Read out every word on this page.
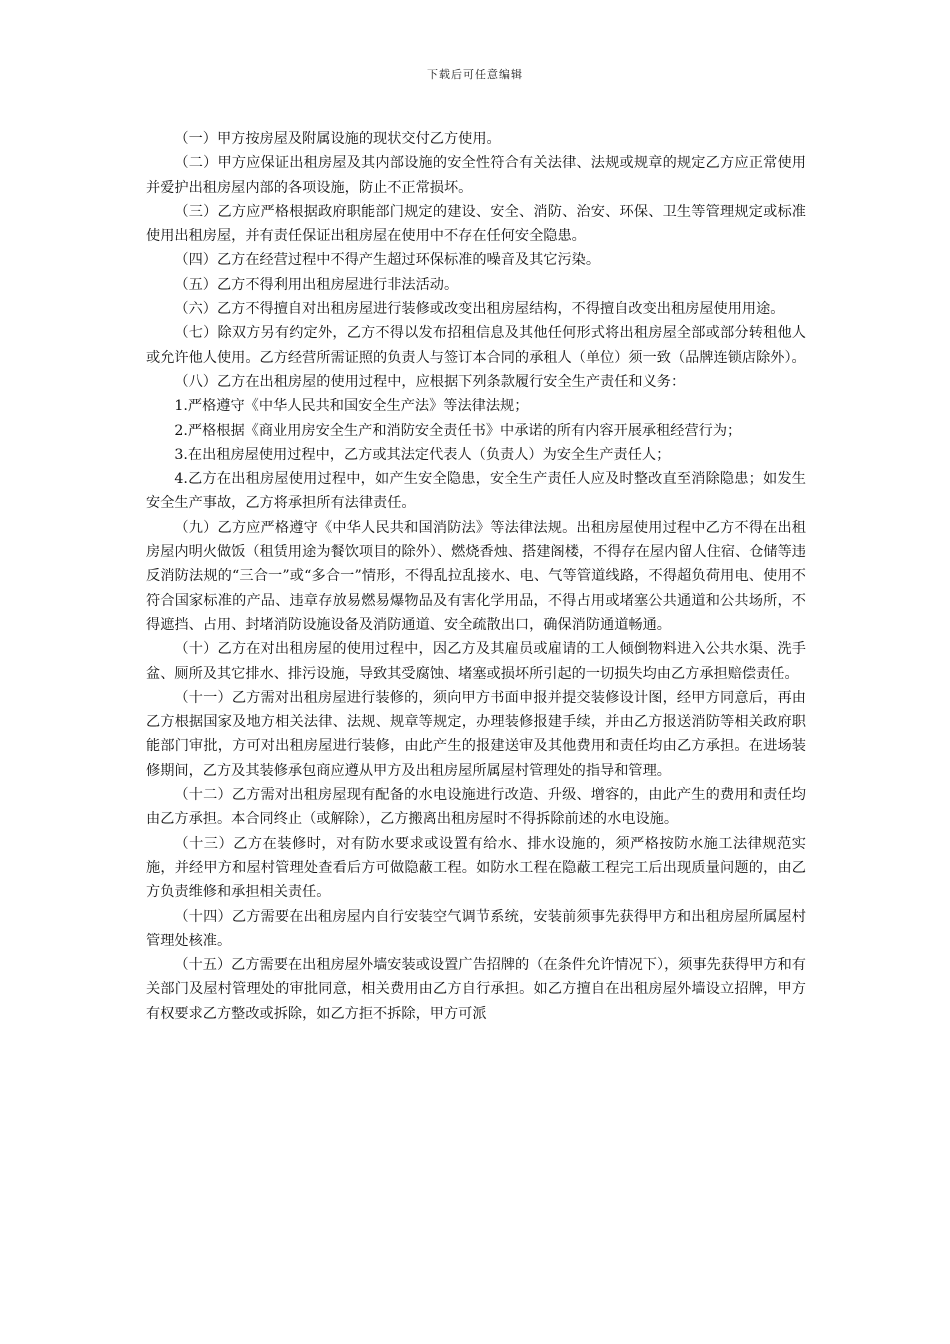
下载后可任意编辑

（一）甲方按房屋及附属设施的现状交付乙方使用。

（二）甲方应保证出租房屋及其内部设施的安全性符合有关法律、法规或规章的规定乙方应正常使用并爱护出租房屋内部的各项设施，防止不正常损坏。

（三）乙方应严格根据政府职能部门规定的建设、安全、消防、治安、环保、卫生等管理规定或标准使用出租房屋，并有责任保证出租房屋在使用中不存在任何安全隐患。

（四）乙方在经营过程中不得产生超过环保标准的噪音及其它污染。

（五）乙方不得利用出租房屋进行非法活动。

（六）乙方不得擅自对出租房屋进行装修或改变出租房屋结构，不得擅自改变出租房屋使用用途。

（七）除双方另有约定外，乙方不得以发布招租信息及其他任何形式将出租房屋全部或部分转租他人或允许他人使用。乙方经营所需证照的负责人与签订本合同的承租人（单位）须一致（品牌连锁店除外）。

（八）乙方在出租房屋的使用过程中，应根据下列条款履行安全生产责任和义务：

1.严格遵守《中华人民共和国安全生产法》等法律法规；

2.严格根据《商业用房安全生产和消防安全责任书》中承诺的所有内容开展承租经营行为；

3.在出租房屋使用过程中，乙方或其法定代表人（负责人）为安全生产责任人；

4.乙方在出租房屋使用过程中，如产生安全隐患，安全生产责任人应及时整改直至消除隐患；如发生安全生产事故，乙方将承担所有法律责任。

（九）乙方应严格遵守《中华人民共和国消防法》等法律法规。出租房屋使用过程中乙方不得在出租房屋内明火做饭（租赁用途为餐饮项目的除外）、燃烧香烛、搭建阁楼，不得存在屋内留人住宿、仓储等违反消防法规的“三合一”或“多合一”情形，不得乱拉乱接水、电、气等管道线路，不得超负荷用电、使用不符合国家标准的产品、违章存放易燃易爆物品及有害化学用品，不得占用或堵塞公共通道和公共场所，不得遮挡、占用、封堵消防设施设备及消防通道、安全疏散出口，确保消防通道畅通。

（十）乙方在对出租房屋的使用过程中，因乙方及其雇员或雇请的工人倾倒物料进入公共水渠、洗手盆、厕所及其它排水、排污设施，导致其受腐蚀、堵塞或损坏所引起的一切损失均由乙方承担赔偿责任。

（十一）乙方需对出租房屋进行装修的，须向甲方书面申报并提交装修设计图，经甲方同意后，再由乙方根据国家及地方相关法律、法规、规章等规定，办理装修报建手续，并由乙方报送消防等相关政府职能部门审批，方可对出租房屋进行装修，由此产生的报建送审及其他费用和责任均由乙方承担。在进场装修期间，乙方及其装修承包商应遵从甲方及出租房屋所属屋村管理处的指导和管理。

（十二）乙方需对出租房屋现有配备的水电设施进行改造、升级、增容的，由此产生的费用和责任均由乙方承担。本合同终止（或解除），乙方搬离出租房屋时不得拆除前述的水电设施。

（十三）乙方在装修时，对有防水要求或设置有给水、排水设施的，须严格按防水施工法律规范实施，并经甲方和屋村管理处查看后方可做隐蔽工程。如防水工程在隐蔽工程完工后出现质量问题的，由乙方负责维修和承担相关责任。

（十四）乙方需要在出租房屋内自行安装空气调节系统，安装前须事先获得甲方和出租房屋所属屋村管理处核准。

（十五）乙方需要在出租房屋外墙安装或设置广告招牌的（在条件允许情况下），须事先获得甲方和有关部门及屋村管理处的审批同意，相关费用由乙方自行承担。如乙方擅自在出租房屋外墙设立招牌，甲方有权要求乙方整改或拆除，如乙方拒不拆除，甲方可派
